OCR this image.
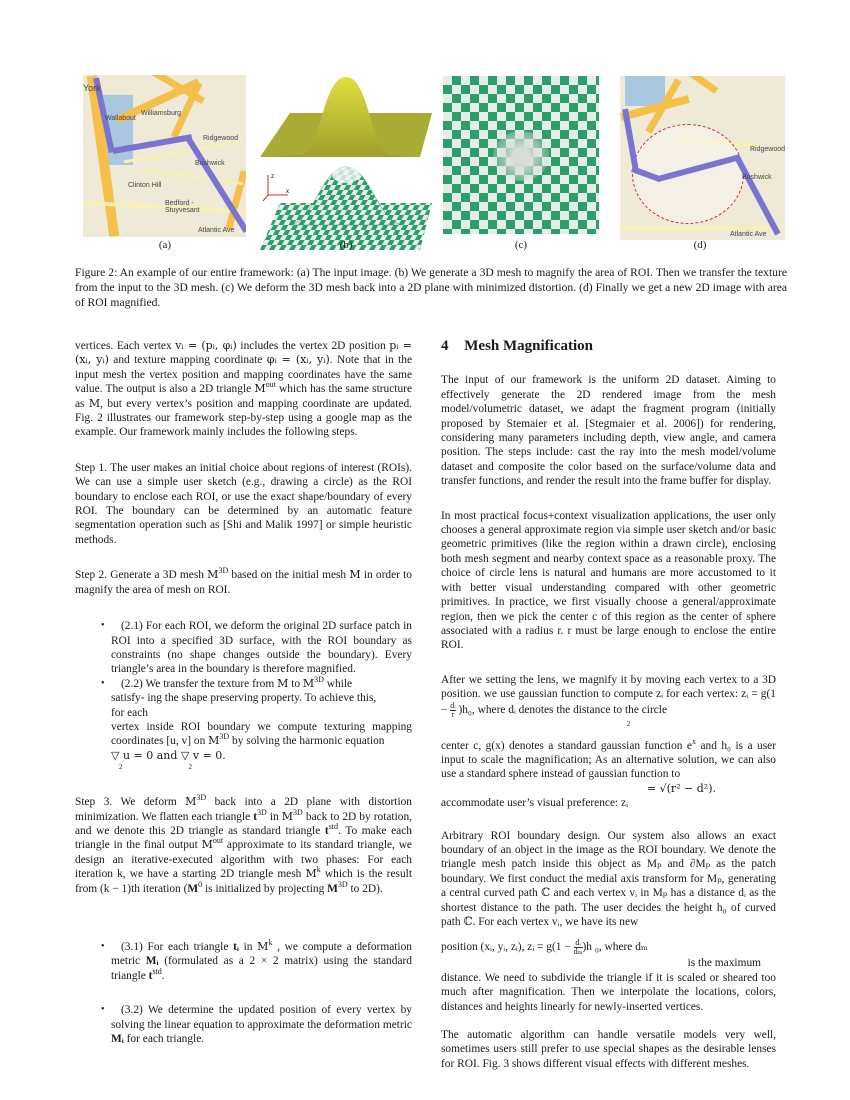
York
Williamsburg
Wallabout
Ridgewood
Bushwick
Clinton Hill
Bedford - Stuyvesant
Atlantic Ave
(a)
z
x
(b)	(c)
Ridgewood
Bushwick
Atlantic Ave
(d)
Figure 2: An example of our entire framework: (a) The input image. (b) We generate a 3D mesh to magnify the area of ROI. Then we transfer the texture from the input to the 3D mesh. (c) We deform the 3D mesh back into a 2D plane with minimized distortion. (d) Finally we get a new 2D image with area of ROI magnified.

vertices. Each vertex vᵢ = (pᵢ, φᵢ) includes the vertex 2D position pᵢ = (xᵢ, yᵢ) and texture mapping coordinate φᵢ = (xᵢ, yᵢ). Note that in the input mesh the vertex position and mapping coordinates have the same value. The output is also a 2D triangle $M^{out}$ which has the same structure as M, but every vertex’s position and mapping coordinate are updated. Fig. 2 illustrates our framework step-by-step using a google map as the example. Our framework mainly includes the following steps.

Step 1. The user makes an initial choice about regions of interest (ROIs). We can use a simple user sketch (e.g., drawing a circle) as the ROI boundary to enclose each ROI, or use the exact shape/boundary of every ROI. The boundary can be determined by an automatic feature segmentation operation such as [Shi and Malik 1997] or simple heuristic methods.

Step 2. Generate a 3D mesh $M^{3D}$ based on the initial mesh M in order to magnify the area of mesh on ROI.

•	(2.1) For each ROI, we deform the original 2D surface patch in ROI into a specified 3D surface, with the ROI boundary as constraints (no shape changes outside the boundary). Every triangle’s area in the boundary is therefore magnified.

•	(2.2) We transfer the texture from M to $M^{3D}$ while

satisfy- ing the shape preserving property. To achieve this,

for each

vertex inside ROI boundary we compute texturing mapping coordinates [u, v] on $M^{3D}$ by solving the harmonic equation

▽ u = 0 and ▽ v = 0.

2	2

Step 3. We deform $M^{3D}$ back into a 2D plane with distortion minimization. We flatten each triangle $t^{3D}$ in $M^{3D}$ back to 2D by rotation, and we denote this 2D triangle as standard triangle $t^{std}$. To make each triangle in the final output $M^{out}$ approximate to its standard triangle, we design an iterative-executed algorithm with two phases: For each iteration k, we have a starting 2D triangle mesh $M^k$ which is the result from (k − 1)th iteration ($M^0$ is initialized by projecting $M^{3D}$ to 2D).

•	(3.1) For each triangle tᵢ in $M^k$ , we compute a deformation metric Mᵢ (formulated as a 2 × 2 matrix) using the standard triangle $t^{std}$.

•	(3.2) We determine the updated position of every vertex by solving the linear equation to approximate the deformation metric Mᵢ for each triangle.

4 Mesh Magnification

The input of our framework is the uniform 2D dataset. Aiming to effectively generate the 2D rendered image from the mesh model/volumetric dataset, we adapt the fragment program (initially proposed by Stemaier et al. [Stegmaier et al. 2006]) for rendering, considering many parameters including depth, view angle, and camera position. The steps include: cast the ray into the mesh model/volume dataset and composite the color based on the surface/volume data and transfer functions, and render the result into the frame buffer for display.

In most practical focus+context visualization applications, the user only chooses a general approximate region via simple user sketch and/or basic geometric primitives (like the region within a drawn circle), enclosing both mesh segment and nearby context space as a reasonable proxy. The choice of circle lens is natural and humans are more accustomed to it with better visual understanding compared with other geometric primitives. In practice, we first visually choose a general/approximate region, then we pick the center c of this region as the center of sphere associated with a radius r. r must be large enough to enclose the entire ROI.

After we setting the lens, we magnify it by moving each vertex to a 3D position. we use gaussian function to compute zᵢ for each vertex: zᵢ = $g(1 - \frac{\text{dᵢ}}{r} )h_0$, where dᵢ denotes the distance to the circle

2

center c, g(x) denotes a standard gaussian function $e^x$ and h₀ is a user input to scale the magnification; As an alternative solution, we can also use a standard sphere instead of gaussian function to

= √(r² − d²).

accommodate user’s visual preference: zᵢ

Arbitrary ROI boundary design. Our system also allows an exact boundary of an object in the image as the ROI boundary. We denote the triangle mesh patch inside this object as Mₚ and ∂Mₚ as the patch boundary. We first conduct the medial axis transform for Mₚ, generating a central curved path ℂ and each vertex vᵢ in Mₚ has a distance dᵢ as the shortest distance to the path. The user decides the height h₀ of curved path ℂ. For each vertex vᵢ, we have its new

position (xᵢ, yᵢ, zᵢ), zᵢ = $g(1 - \frac{\text{dᵢ}}{\text{dₘ}} )h$ ₀, where dₘ

is the maximum

distance. We need to subdivide the triangle if it is scaled or sheared too much after magnification. Then we interpolate the locations, colors, distances and heights linearly for newly-inserted vertices.

The automatic algorithm can handle versatile models very well, sometimes users still prefer to use special shapes as the desirable lenses for ROI. Fig. 3 shows different visual effects with different meshes.
